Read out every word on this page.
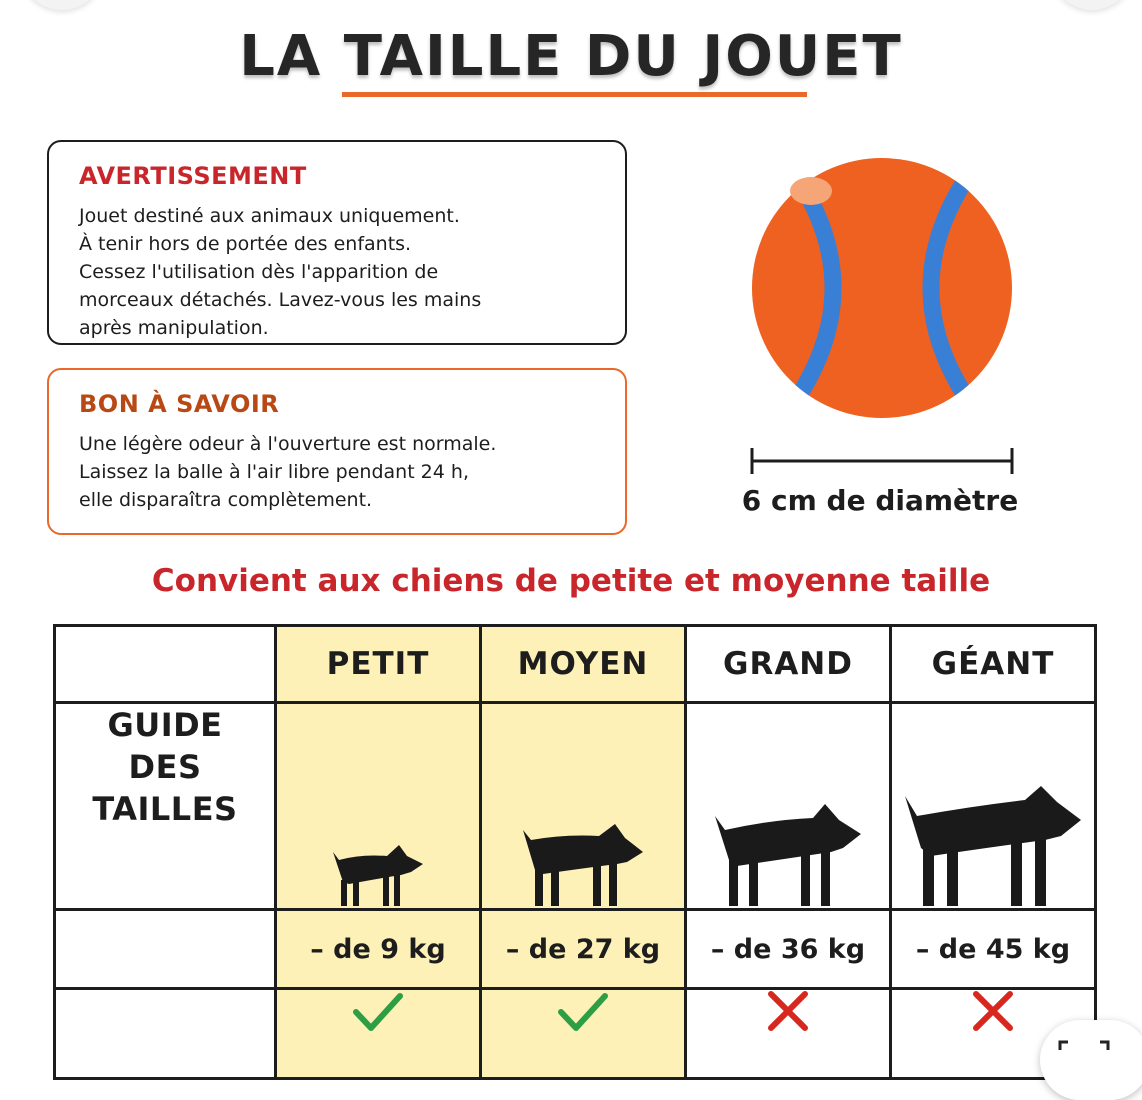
LA TAILLE DU JOUET
AVERTISSEMENT
Jouet destiné aux animaux uniquement.
À tenir hors de portée des enfants.
Cessez l'utilisation dès l'apparition de
morceaux détachés. Lavez-vous les mains
après manipulation.
BON À SAVOIR
Une légère odeur à l'ouverture est normale.
Laissez la balle à l'air libre pendant 24 h,
elle disparaîtra complètement.	6 cm de diamètre
Convient aux chiens de petite et moyenne taille
	PETIT	MOYEN	GRAND	GÉANT

GUIDE
DES
TAILLES

	– de 9 kg	– de 27 kg	– de 36 kg	– de 45 kg
